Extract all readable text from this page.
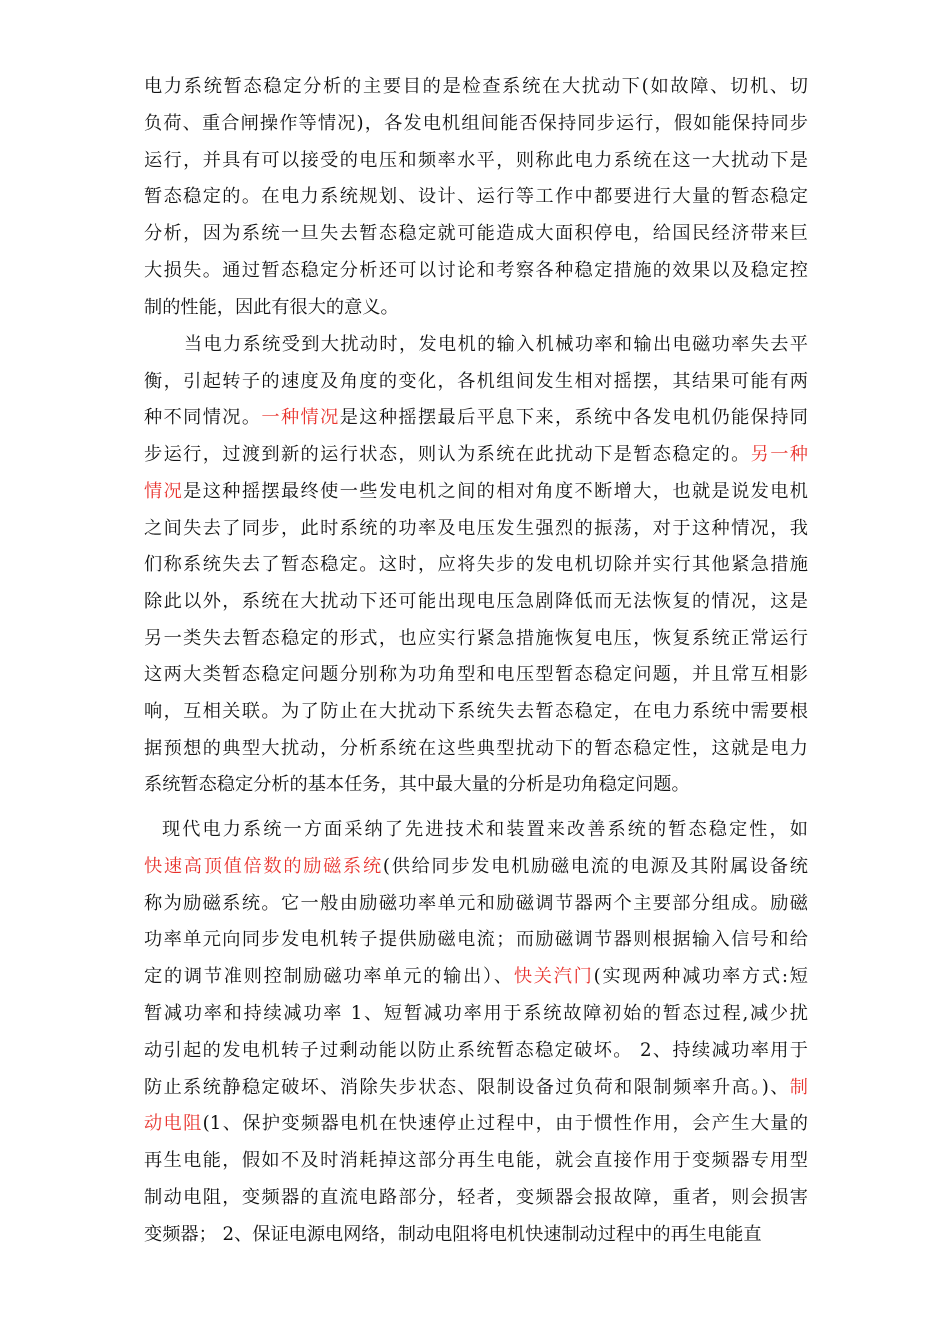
电力系统暂态稳定分析的主要目的是检查系统在大扰动下(如故障、切机、切
负荷、重合闸操作等情况)，各发电机组间能否保持同步运行，假如能保持同步
运行，并具有可以接受的电压和频率水平，则称此电力系统在这一大扰动下是
暂态稳定的。在电力系统规划、设计、运行等工作中都要进行大量的暂态稳定
分析，因为系统一旦失去暂态稳定就可能造成大面积停电，给国民经济带来巨
大损失。通过暂态稳定分析还可以讨论和考察各种稳定措施的效果以及稳定控
制的性能，因此有很大的意义。
当电力系统受到大扰动时，发电机的输入机械功率和输出电磁功率失去平
衡，引起转子的速度及角度的变化，各机组间发生相对摇摆，其结果可能有两
种不同情况。一种情况是这种摇摆最后平息下来，系统中各发电机仍能保持同
步运行，过渡到新的运行状态，则认为系统在此扰动下是暂态稳定的。另一种
情况是这种摇摆最终使一些发电机之间的相对角度不断增大，也就是说发电机
之间失去了同步，此时系统的功率及电压发生强烈的振荡，对于这种情况，我
们称系统失去了暂态稳定。这时，应将失步的发电机切除并实行其他紧急措施
除此以外，系统在大扰动下还可能出现电压急剧降低而无法恢复的情况，这是
另一类失去暂态稳定的形式，也应实行紧急措施恢复电压，恢复系统正常运行
这两大类暂态稳定问题分别称为功角型和电压型暂态稳定问题，并且常互相影
响，互相关联。为了防止在大扰动下系统失去暂态稳定，在电力系统中需要根
据预想的典型大扰动，分析系统在这些典型扰动下的暂态稳定性，这就是电力
系统暂态稳定分析的基本任务，其中最大量的分析是功角稳定问题。
现代电力系统一方面采纳了先进技术和装置来改善系统的暂态稳定性，如
快速高顶值倍数的励磁系统(供给同步发电机励磁电流的电源及其附属设备统
称为励磁系统。它一般由励磁功率单元和励磁调节器两个主要部分组成。励磁
功率单元向同步发电机转子提供励磁电流；而励磁调节器则根据输入信号和给
定的调节准则控制励磁功率单元的输出）、快关汽门(实现两种减功率方式:短
暂减功率和持续减功率 1、短暂减功率用于系统故障初始的暂态过程,减少扰
动引起的发电机转子过剩动能以防止系统暂态稳定破坏。 2、持续减功率用于
防止系统静稳定破坏、消除失步状态、限制设备过负荷和限制频率升高。)、制
动电阻(1、保护变频器电机在快速停止过程中，由于惯性作用，会产生大量的
再生电能，假如不及时消耗掉这部分再生电能，就会直接作用于变频器专用型
制动电阻，变频器的直流电路部分，轻者，变频器会报故障，重者，则会损害
变频器； 2、保证电源电网络，制动电阻将电机快速制动过程中的再生电能直
